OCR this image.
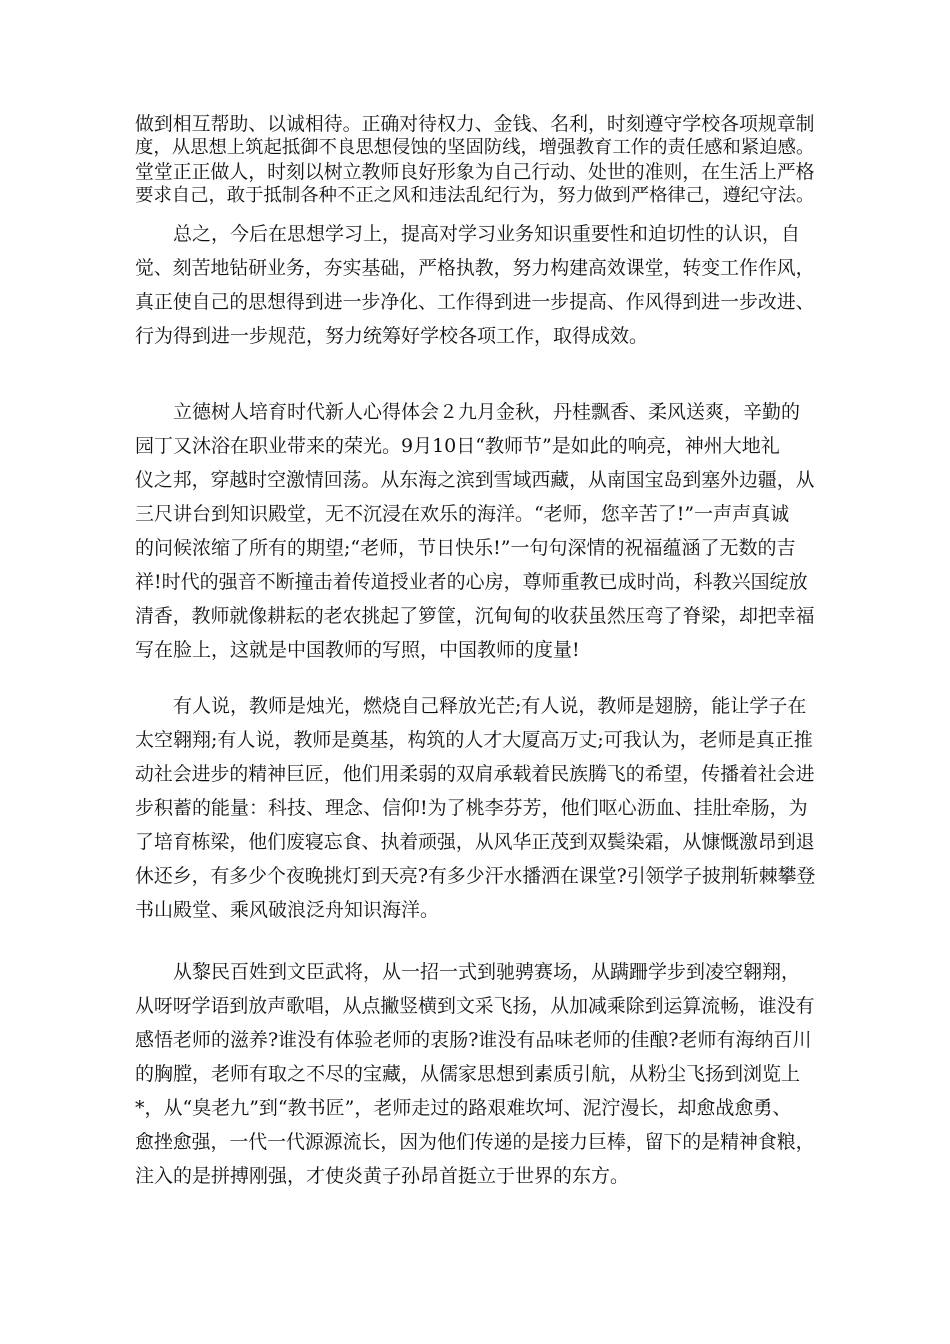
做到相互帮助、以诚相待。正确对待权力、金钱、名利，时刻遵守学校各项规章制
度，从思想上筑起抵御不良思想侵蚀的坚固防线，增强教育工作的责任感和紧迫感。
堂堂正正做人，时刻以树立教师良好形象为自己行动、处世的准则，在生活上严格
要求自己，敢于抵制各种不正之风和违法乱纪行为，努力做到严格律己，遵纪守法。
　　总之，今后在思想学习上，提高对学习业务知识重要性和迫切性的认识，自
觉、刻苦地钻研业务，夯实基础，严格执教，努力构建高效课堂，转变工作作风，
真正使自己的思想得到进一步净化、工作得到进一步提高、作风得到进一步改进、
行为得到进一步规范，努力统筹好学校各项工作，取得成效。
　　立德树人培育时代新人心得体会２九月金秋，丹桂飘香、柔风送爽，辛勤的
园丁又沐浴在职业带来的荣光。9月10日“教师节”是如此的响亮，神州大地礼
仪之邦，穿越时空激情回荡。从东海之滨到雪域西藏，从南国宝岛到塞外边疆，从
三尺讲台到知识殿堂，无不沉浸在欢乐的海洋。“老师，您辛苦了!”一声声真诚
的问候浓缩了所有的期望;“老师，节日快乐!”一句句深情的祝福蕴涵了无数的吉
祥!时代的强音不断撞击着传道授业者的心房，尊师重教已成时尚，科教兴国绽放
清香，教师就像耕耘的老农挑起了箩筐，沉甸甸的收获虽然压弯了脊梁，却把幸福
写在脸上，这就是中国教师的写照，中国教师的度量!
　　有人说，教师是烛光，燃烧自己释放光芒;有人说，教师是翅膀，能让学子在
太空翱翔;有人说，教师是奠基，构筑的人才大厦高万丈;可我认为，老师是真正推
动社会进步的精神巨匠，他们用柔弱的双肩承载着民族腾飞的希望，传播着社会进
步积蓄的能量：科技、理念、信仰!为了桃李芬芳，他们呕心沥血、挂肚牵肠，为
了培育栋梁，他们废寝忘食、执着顽强，从风华正茂到双鬓染霜，从慷慨激昂到退
休还乡，有多少个夜晚挑灯到天亮?有多少汗水播洒在课堂?引领学子披荆斩棘攀登
书山殿堂、乘风破浪泛舟知识海洋。
　　从黎民百姓到文臣武将，从一招一式到驰骋赛场，从蹒跚学步到凌空翱翔，
从呀呀学语到放声歌唱，从点撇竖横到文采飞扬，从加减乘除到运算流畅，谁没有
感悟老师的滋养?谁没有体验老师的衷肠?谁没有品味老师的佳酿?老师有海纳百川
的胸膛，老师有取之不尽的宝藏，从儒家思想到素质引航，从粉尘飞扬到浏览上
*，从“臭老九”到“教书匠”，老师走过的路艰难坎坷、泥泞漫长，却愈战愈勇、
愈挫愈强，一代一代源源流长，因为他们传递的是接力巨棒，留下的是精神食粮，
注入的是拼搏刚强，才使炎黄子孙昂首挺立于世界的东方。
